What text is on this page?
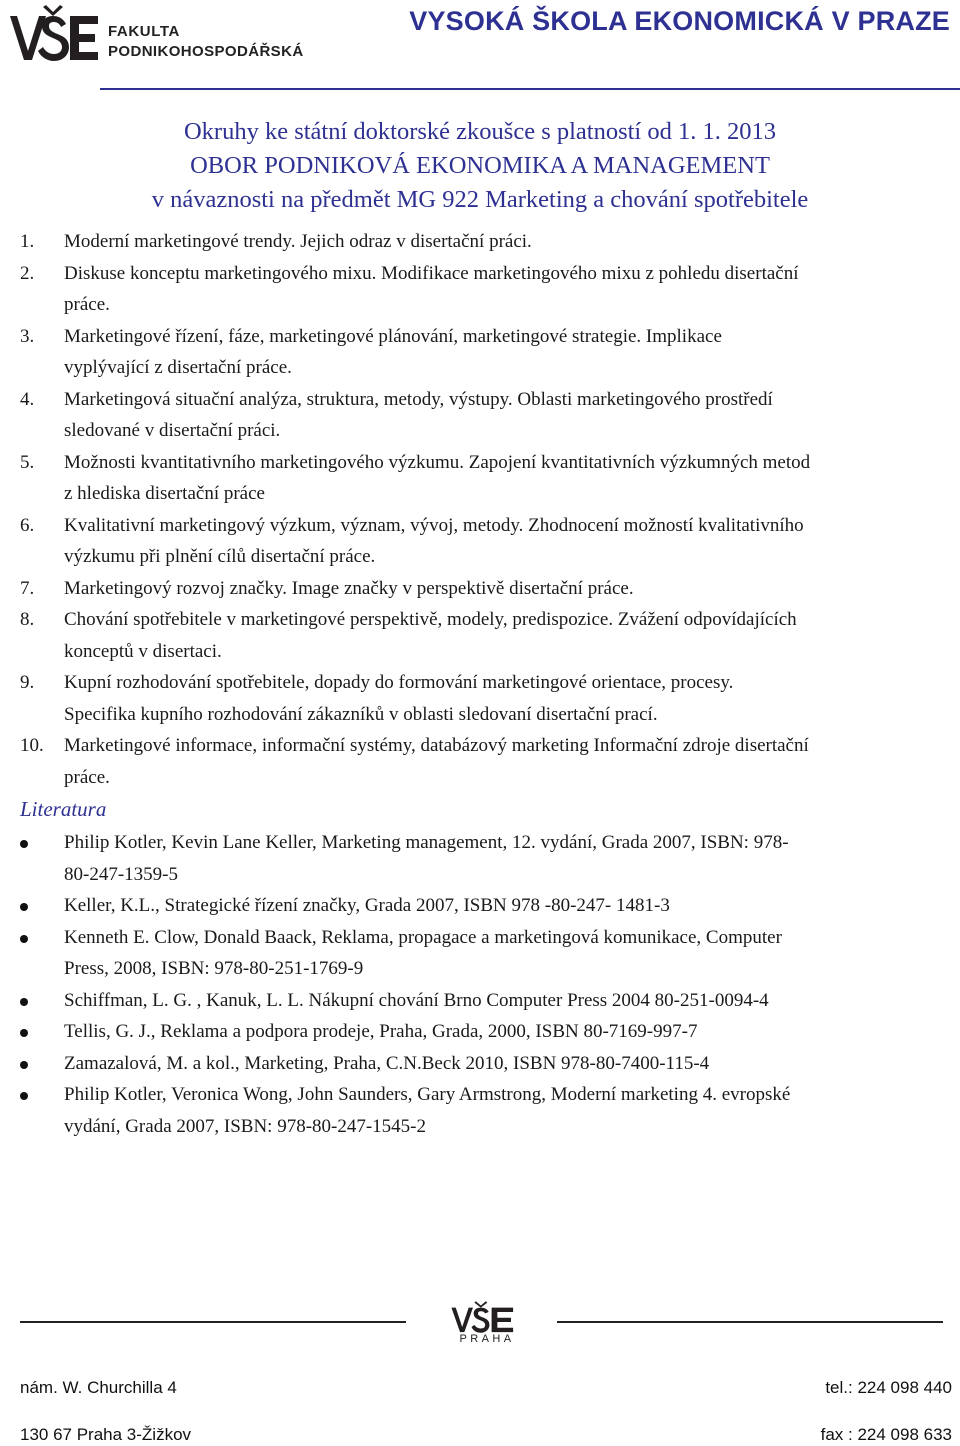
FAKULTA
PODNIKOHOSPODÁŘSKÁ
VYSOKÁ ŠKOLA EKONOMICKÁ V PRAZE
Okruhy ke státní doktorské zkoušce s platností od 1. 1. 2013
OBOR PODNIKOVÁ EKONOMIKA A MANAGEMENT
v návaznosti na předmět MG 922 Marketing a chování spotřebitele
1. Moderní marketingové trendy. Jejich odraz v disertační práci.
2. Diskuse konceptu marketingového mixu. Modifikace marketingového mixu z pohledu disertační
práce.
3. Marketingové řízení, fáze, marketingové plánování, marketingové strategie. Implikace
vyplývající z disertační práce.
4. Marketingová situační analýza, struktura, metody, výstupy. Oblasti marketingového prostředí
sledované v disertační práci.
5. Možnosti kvantitativního marketingového výzkumu. Zapojení kvantitativních výzkumných metod
z hlediska disertační práce
6. Kvalitativní marketingový výzkum, význam, vývoj, metody. Zhodnocení možností kvalitativního
výzkumu při plnění cílů disertační práce.
7. Marketingový rozvoj značky. Image značky v perspektivě disertační práce.
8. Chování spotřebitele v marketingové perspektivě, modely, predispozice. Zvážení odpovídajících
konceptů v disertaci.
9. Kupní rozhodování spotřebitele, dopady do formování marketingové orientace, procesy.
Specifika kupního rozhodování zákazníků v oblasti sledovaní disertační prací.
10. Marketingové informace, informační systémy, databázový marketing Informační zdroje disertační
práce.
Literatura
Philip Kotler, Kevin Lane Keller, Marketing management, 12. vydání, Grada 2007, ISBN: 978-
80-247-1359-5
Keller, K.L., Strategické řízení značky, Grada 2007, ISBN 978 -80-247- 1481-3
Kenneth E. Clow, Donald Baack, Reklama, propagace a marketingová komunikace, Computer
Press, 2008, ISBN: 978-80-251-1769-9
Schiffman, L. G. , Kanuk, L. L. Nákupní chování Brno Computer Press 2004 80-251-0094-4
Tellis, G. J., Reklama a podpora prodeje, Praha, Grada, 2000, ISBN 80-7169-997-7
Zamazalová, M. a kol., Marketing, Praha, C.N.Beck 2010, ISBN 978-80-7400-115-4
Philip Kotler, Veronica Wong, John Saunders, Gary Armstrong, Moderní marketing 4. evropské
vydání, Grada 2007, ISBN: 978-80-247-1545-2
PRAHA
nám. W. Churchilla 4
130 67 Praha 3-Žižkov
tel.: 224 098 440
fax : 224 098 633
